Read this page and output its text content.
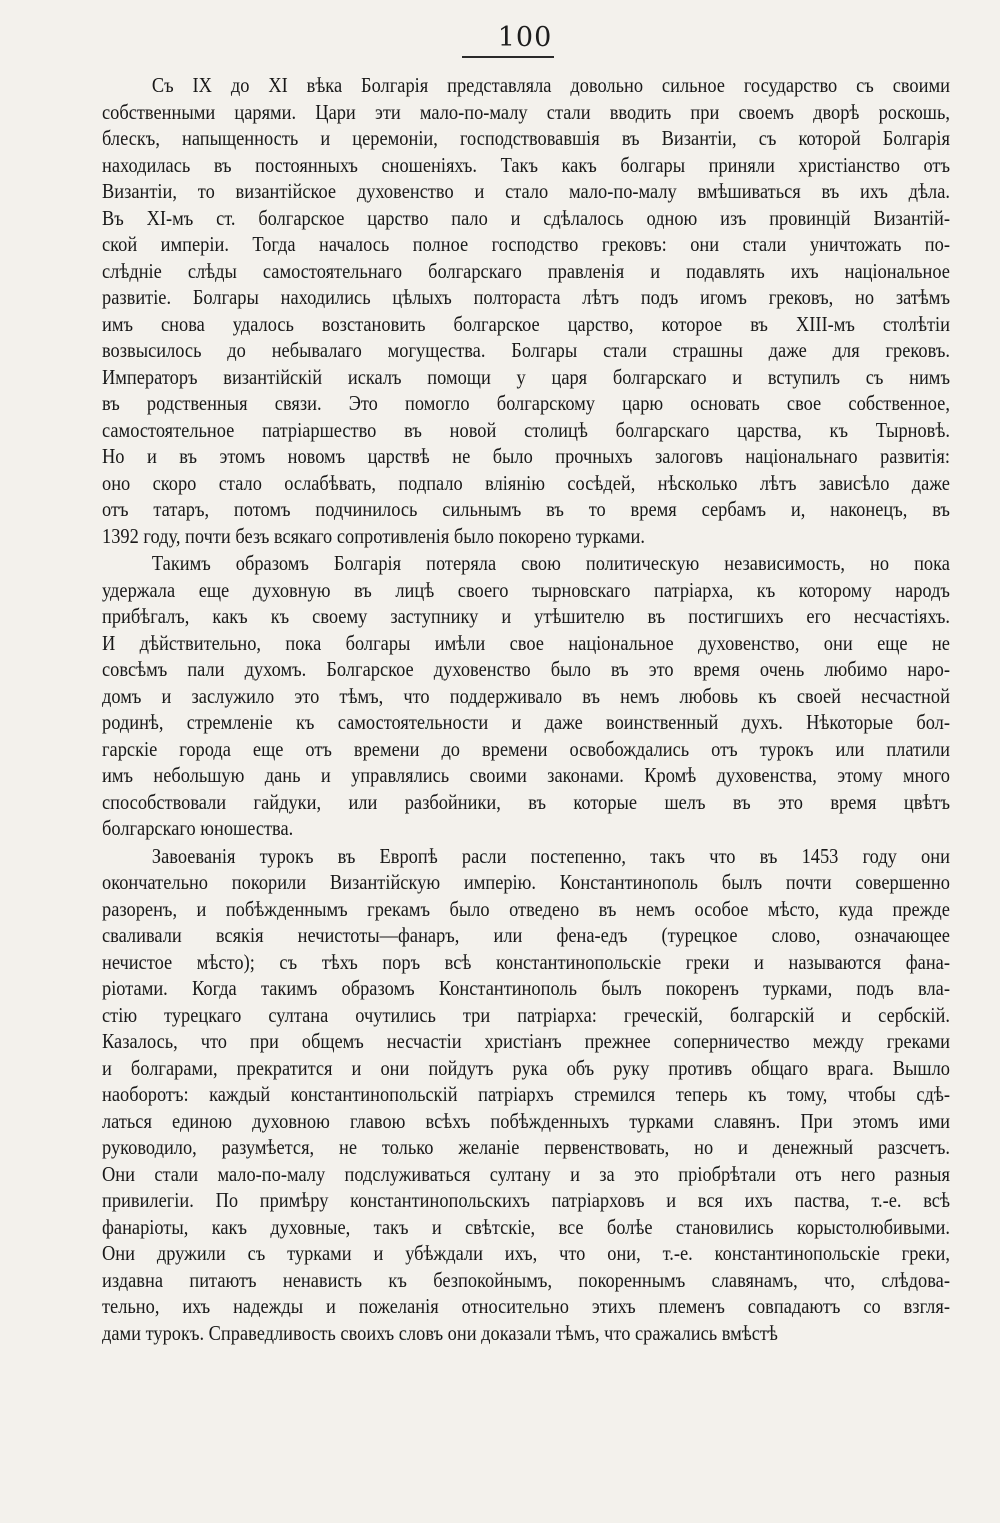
100
Съ IX до XI вѣка Болгарія представляла довольно сильное государство съ своими
собственными царями. Цари эти мало-по-малу стали вводить при своемъ дворѣ роскошь,
блескъ, напыщенность и церемоніи, господствовавшія въ Византіи, съ которой Болгарія
находилась въ постоянныхъ сношеніяхъ. Такъ какъ болгары приняли христіанство отъ
Византіи, то византійское духовенство и стало мало-по-малу вмѣшиваться въ ихъ дѣла.
Въ XI-мъ ст. болгарское царство пало и сдѣлалось одною изъ провинцій Византій-
ской имперіи. Тогда началось полное господство грековъ: они стали уничтожать по-
слѣдніе слѣды самостоятельнаго болгарскаго правленія и подавлять ихъ національное
развитіе. Болгары находились цѣлыхъ полтораста лѣтъ подъ игомъ грековъ, но затѣмъ
имъ снова удалось возстановить болгарское царство, которое въ XIII-мъ столѣтіи
возвысилось до небывалаго могущества. Болгары стали страшны даже для грековъ.
Императоръ византійскій искалъ помощи у царя болгарскаго и вступилъ съ нимъ
въ родственныя связи. Это помогло болгарскому царю основать свое собственное,
самостоятельное патріаршество въ новой столицѣ болгарскаго царства, къ Тырновѣ.
Но и въ этомъ новомъ царствѣ не было прочныхъ залоговъ національнаго развитія:
оно скоро стало ослабѣвать, подпало вліянію сосѣдей, нѣсколько лѣтъ зависѣло даже
отъ татаръ, потомъ подчинилось сильнымъ въ то время сербамъ и, наконецъ, въ
1392 году, почти безъ всякаго сопротивленія было покорено турками.
Такимъ образомъ Болгарія потеряла свою политическую независимость, но пока
удержала еще духовную въ лицѣ своего тырновскаго патріарха, къ которому народъ
прибѣгалъ, какъ къ своему заступнику и утѣшителю въ постигшихъ его несчастіяхъ.
И дѣйствительно, пока болгары имѣли свое національное духовенство, они еще не
совсѣмъ пали духомъ. Болгарское духовенство было въ это время очень любимо наро-
домъ и заслужило это тѣмъ, что поддерживало въ немъ любовь къ своей несчастной
родинѣ, стремленіе къ самостоятельности и даже воинственный духъ. Нѣкоторые бол-
гарскіе города еще отъ времени до времени освобождались отъ турокъ или платили
имъ небольшую дань и управлялись своими законами. Кромѣ духовенства, этому много
способствовали гайдуки, или разбойники, въ которые шелъ въ это время цвѣтъ
болгарскаго юношества.
Завоеванія турокъ въ Европѣ расли постепенно, такъ что въ 1453 году они
окончательно покорили Византійскую имперію. Константинополь былъ почти совершенно
разоренъ, и побѣжденнымъ грекамъ было отведено въ немъ особое мѣсто, куда прежде
сваливали всякія нечистоты—фанаръ, или фена-едъ (турецкое слово, означающее
нечистое мѣсто); съ тѣхъ поръ всѣ константинопольскіе греки и называются фана-
ріотами. Когда такимъ образомъ Константинополь былъ покоренъ турками, подъ вла-
стію турецкаго султана очутились три патріарха: греческій, болгарскій и сербскій.
Казалось, что при общемъ несчастіи христіанъ прежнее соперничество между греками
и болгарами, прекратится и они пойдутъ рука объ руку противъ общаго врага. Вышло
наоборотъ: каждый константинопольскій патріархъ стремился теперь къ тому, чтобы сдѣ-
латься единою духовною главою всѣхъ побѣжденныхъ турками славянъ. При этомъ ими
руководило, разумѣется, не только желаніе первенствовать, но и денежный разсчетъ.
Они стали мало-по-малу подслуживаться султану и за это пріобрѣтали отъ него разныя
привилегіи. По примѣру константинопольскихъ патріарховъ и вся ихъ паства, т.-е. всѣ
фанаріоты, какъ духовные, такъ и свѣтскіе, все болѣе становились корыстолюбивыми.
Они дружили съ турками и убѣждали ихъ, что они, т.-е. константинопольскіе греки,
издавна питаютъ ненависть къ безпокойнымъ, покореннымъ славянамъ, что, слѣдова-
тельно, ихъ надежды и пожеланія относительно этихъ племенъ совпадаютъ со взгля-
дами турокъ. Справедливость своихъ словъ они доказали тѣмъ, что сражались вмѣстѣ
